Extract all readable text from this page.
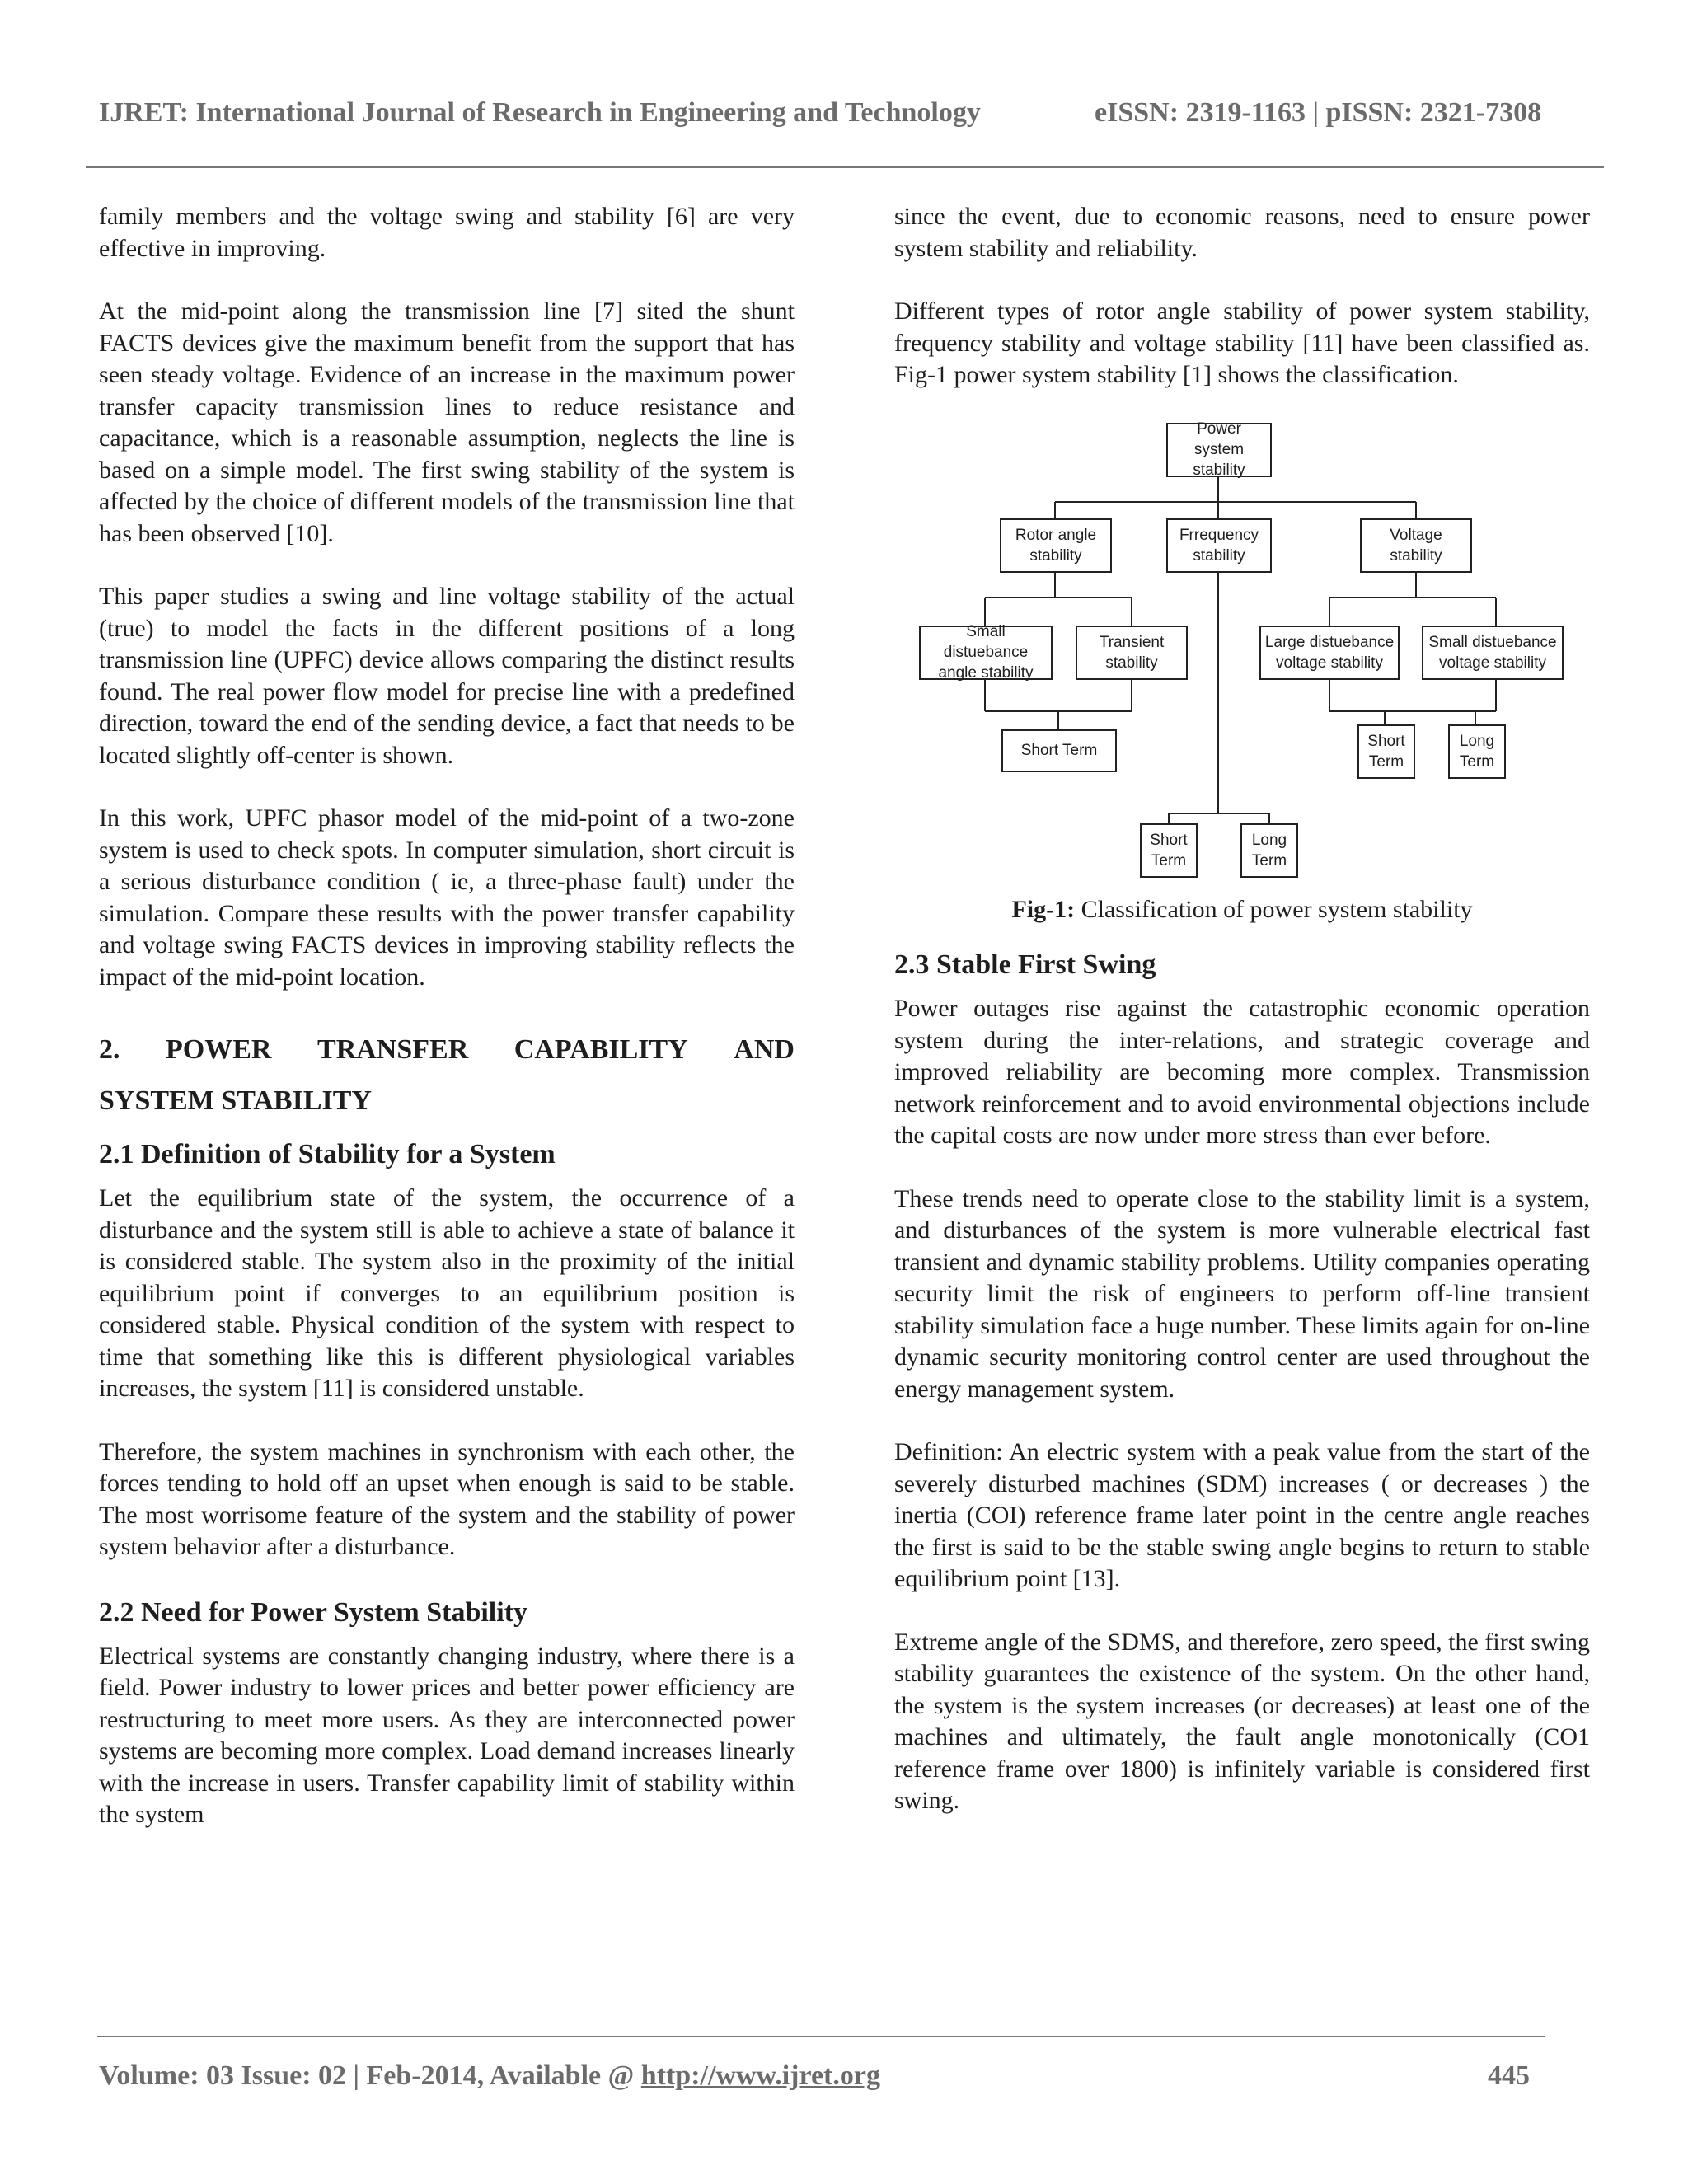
IJRET: International Journal of Research in Engineering and Technology	eISSN: 2319-1163 | pISSN: 2321-7308

family members and the voltage swing and stability [6] are very effective in improving.

At the mid-point along the transmission line [7] sited the shunt FACTS devices give the maximum benefit from the support that has seen steady voltage. Evidence of an increase in the maximum power transfer capacity transmission lines to reduce resistance and capacitance, which is a reasonable assumption, neglects the line is based on a simple model. The first swing stability of the system is affected by the choice of different models of the transmission line that has been observed [10].

This paper studies a swing and line voltage stability of the actual (true) to model the facts in the different positions of a long transmission line (UPFC) device allows comparing the distinct results found. The real power flow model for precise line with a predefined direction, toward the end of the sending device, a fact that needs to be located slightly off-center is shown.

In this work, UPFC phasor model of the mid-point of a two-zone system is used to check spots. In computer simulation, short circuit is a serious disturbance condition ( ie, a three-phase fault) under the simulation. Compare these results with the power transfer capability and voltage swing FACTS devices in improving stability reflects the impact of the mid-point location.

2. POWER TRANSFER CAPABILITY AND
SYSTEM STABILITY
2.1 Definition of Stability for a System

Let the equilibrium state of the system, the occurrence of a disturbance and the system still is able to achieve a state of balance it is considered stable. The system also in the proximity of the initial equilibrium point if converges to an equilibrium position is considered stable. Physical condition of the system with respect to time that something like this is different physiological variables increases, the system [11] is considered unstable.

Therefore, the system machines in synchronism with each other, the forces tending to hold off an upset when enough is said to be stable. The most worrisome feature of the system and the stability of power system behavior after a disturbance.

2.2 Need for Power System Stability

Electrical systems are constantly changing industry, where there is a field. Power industry to lower prices and better power efficiency are restructuring to meet more users. As they are interconnected power systems are becoming more complex. Load demand increases linearly with the increase in users. Transfer capability limit of stability within the system

since the event, due to economic reasons, need to ensure power system stability and reliability.

Different types of rotor angle stability of power system stability, frequency stability and voltage stability [11] have been classified as. Fig-1 power system stability [1] shows the classification.

Power system stability
Rotor angle stability
Frrequency stability
Voltage stability
Small distuebance angle stability
Transient stability
Large distuebance voltage stability
Small distuebance voltage stability
Short Term
Short Term
Long Term
Short Term
Long Term
Fig-1: Classification of power system stability
2.3 Stable First Swing

Power outages rise against the catastrophic economic operation system during the inter-relations, and strategic coverage and improved reliability are becoming more complex. Transmission network reinforcement and to avoid environmental objections include the capital costs are now under more stress than ever before.

These trends need to operate close to the stability limit is a system, and disturbances of the system is more vulnerable electrical fast transient and dynamic stability problems. Utility companies operating security limit the risk of engineers to perform off-line transient stability simulation face a huge number. These limits again for on-line dynamic security monitoring control center are used throughout the energy management system.

Definition: An electric system with a peak value from the start of the severely disturbed machines (SDM) increases ( or decreases ) the inertia (COI) reference frame later point in the centre angle reaches the first is said to be the stable swing angle begins to return to stable equilibrium point [13].

Extreme angle of the SDMS, and therefore, zero speed, the first swing stability guarantees the existence of the system. On the other hand, the system is the system increases (or decreases) at least one of the machines and ultimately, the fault angle monotonically (CO1 reference frame over 1800) is infinitely variable is considered first swing.

Volume: 03 Issue: 02 | Feb-2014, Available @ http://www.ijret.org	445
